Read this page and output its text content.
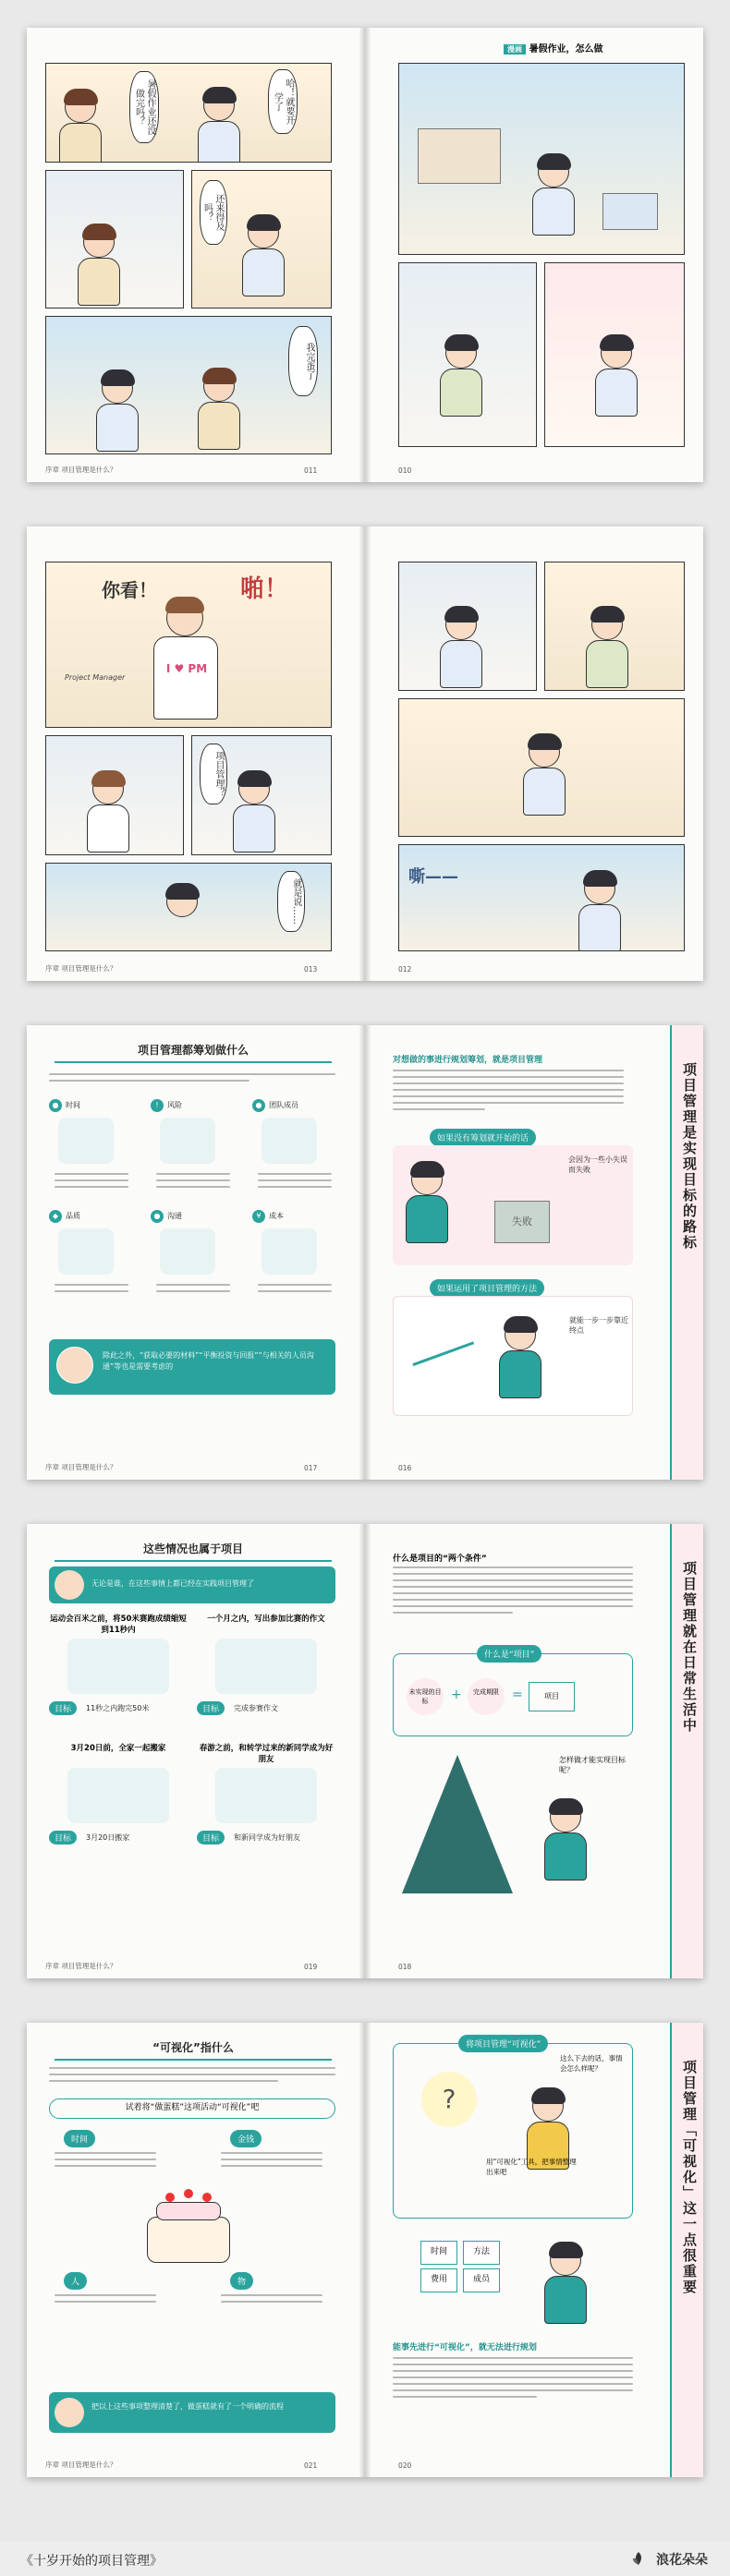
暑假作业还没做完吗？	哈！就要开学了
还来得及吗？
我完蛋了
序章 项目管理是什么？	011
漫画 暑假作业，怎么做
010
啪！
你看！
I ♥ PM
Project Manager
项目管理？
就是说……
序章 项目管理是什么？	013
嘶——
012
项目管理都筹划做什么
● 时间	!	风险	● 团队成员
◆ 品质	● 沟通	¥	成本
除此之外，“获取必要的材料”“平衡投资与回报”“与相关的人员沟通”等也是需要考虑的
序章 项目管理是什么？	017
对想做的事进行规划筹划，就是项目管理
如果没有筹划就开始的话
失败
会因为一些小失误而失败
如果运用了项目管理的方法
就能一步一步靠近终点
项目管理是实现目标的路标
016
这些情况也属于项目
无论是谁，在这些事情上都已经在实践项目管理了
运动会百米之前，将50米赛跑成绩缩短到11秒内
一个月之内，写出参加比赛的作文
目标	11秒之内跑完50米	目标	完成参赛作文
3月20日前，全家一起搬家	春游之前，和转学过来的新同学成为好朋友
目标	3月20日搬家	目标	和新同学成为好朋友
序章 项目管理是什么？	019
什么是项目的“两个条件”
什么是“项目”
未实现的目标	+	完成期限	=	项目
怎样做才能实现目标呢？
项目管理就在日常生活中
018
“可视化”指什么
试着将“做蛋糕”这项活动“可视化”吧
时间	金钱
人	物
把以上这些事项整理清楚了，做蛋糕就有了一个明确的流程
序章 项目管理是什么？	021
将项目管理“可视化”
?
这么下去的话，事情会怎么样呢？
用“可视化”工具，把事情整理出来吧
时间	方法
费用	成员
能事先进行“可视化”，就无法进行规划
项目管理「可视化」这一点很重要
020
《十岁开始的项目管理》	浪花朵朵
